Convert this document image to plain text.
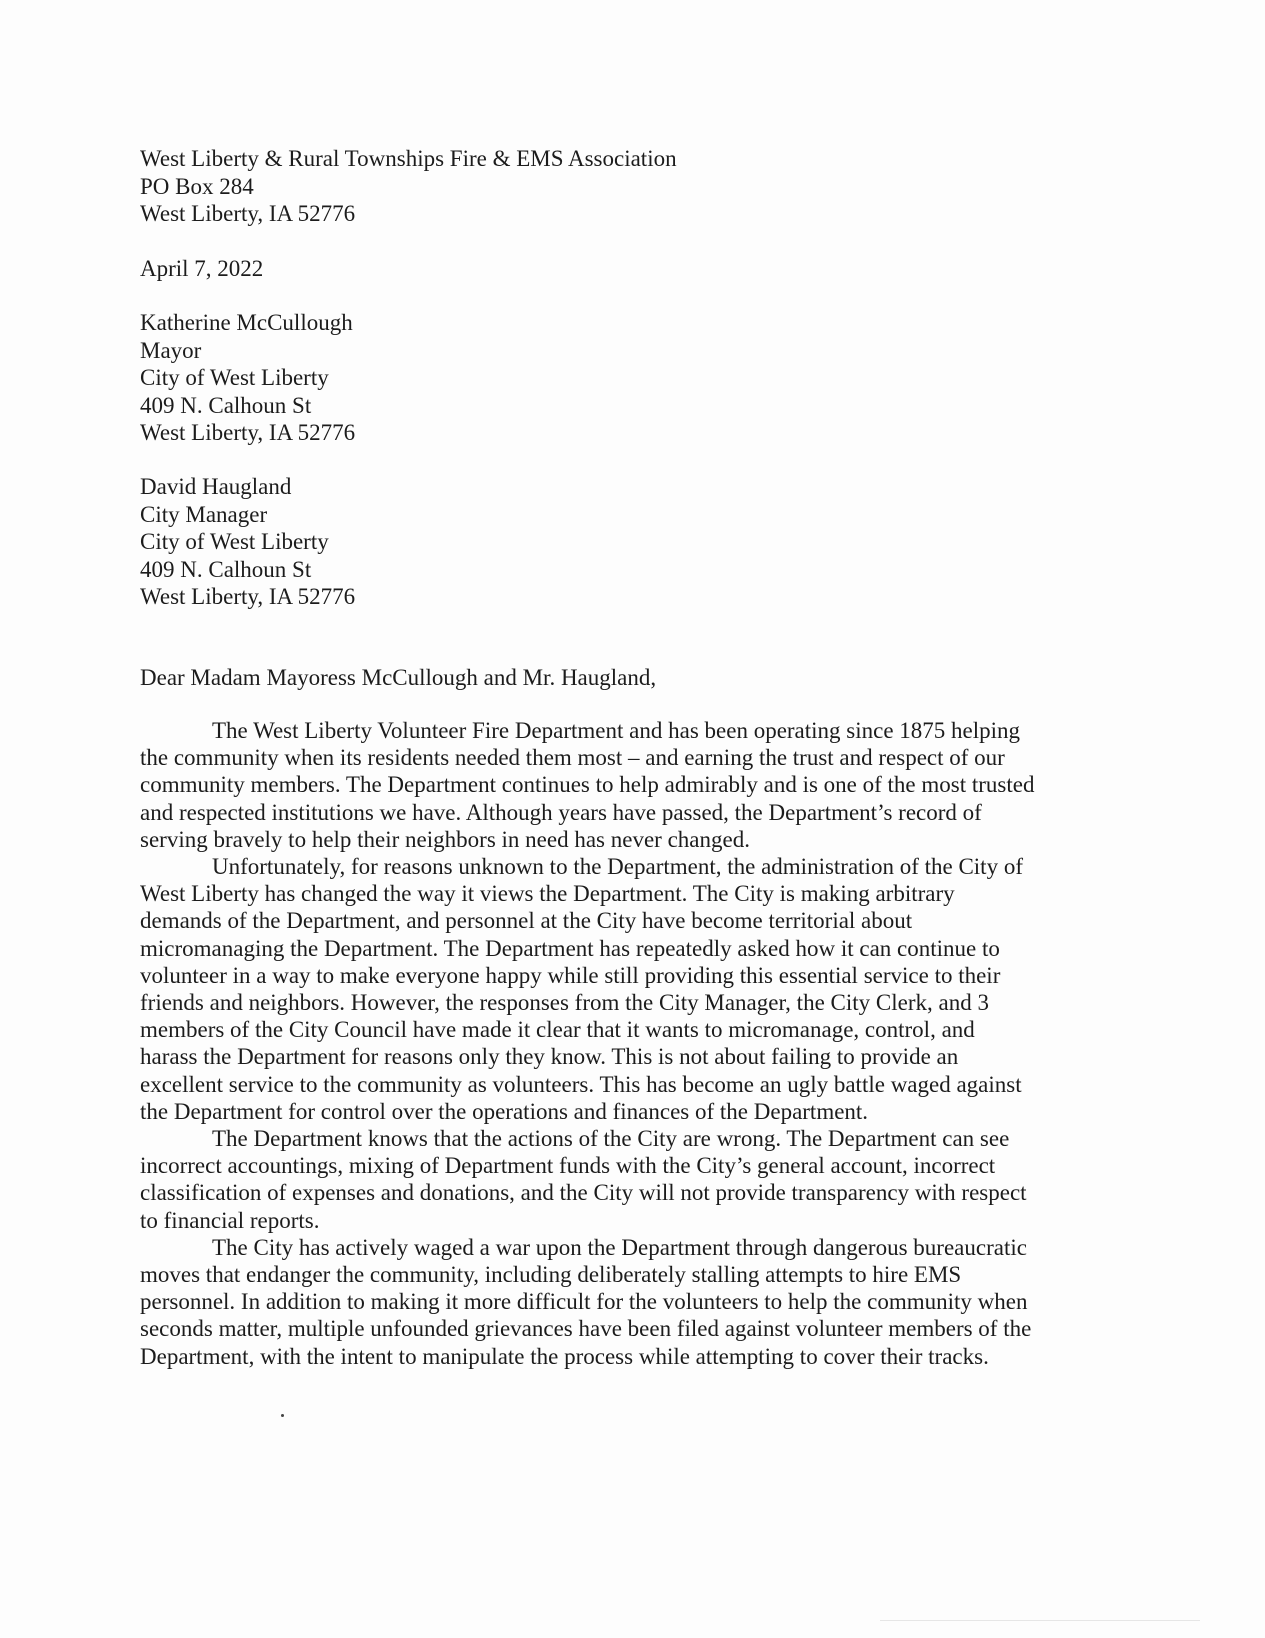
West Liberty & Rural Townships Fire & EMS Association
PO Box 284
West Liberty, IA 52776
April 7, 2022
Katherine McCullough
Mayor
City of West Liberty
409 N. Calhoun St
West Liberty, IA 52776
David Haugland
City Manager
City of West Liberty
409 N. Calhoun St
West Liberty, IA 52776
Dear Madam Mayoress McCullough and Mr. Haugland,

The West Liberty Volunteer Fire Department and has been operating since 1875 helping
the community when its residents needed them most – and earning the trust and respect of our
community members. The Department continues to help admirably and is one of the most trusted
and respected institutions we have. Although years have passed, the Department’s record of
serving bravely to help their neighbors in need has never changed.

Unfortunately, for reasons unknown to the Department, the administration of the City of
West Liberty has changed the way it views the Department. The City is making arbitrary
demands of the Department, and personnel at the City have become territorial about
micromanaging the Department. The Department has repeatedly asked how it can continue to
volunteer in a way to make everyone happy while still providing this essential service to their
friends and neighbors. However, the responses from the City Manager, the City Clerk, and 3
members of the City Council have made it clear that it wants to micromanage, control, and
harass the Department for reasons only they know. This is not about failing to provide an
excellent service to the community as volunteers. This has become an ugly battle waged against
the Department for control over the operations and finances of the Department.

The Department knows that the actions of the City are wrong. The Department can see
incorrect accountings, mixing of Department funds with the City’s general account, incorrect
classification of expenses and donations, and the City will not provide transparency with respect
to financial reports.

The City has actively waged a war upon the Department through dangerous bureaucratic
moves that endanger the community, including deliberately stalling attempts to hire EMS
personnel. In addition to making it more difficult for the volunteers to help the community when
seconds matter, multiple unfounded grievances have been filed against volunteer members of the
Department, with the intent to manipulate the process while attempting to cover their tracks.
